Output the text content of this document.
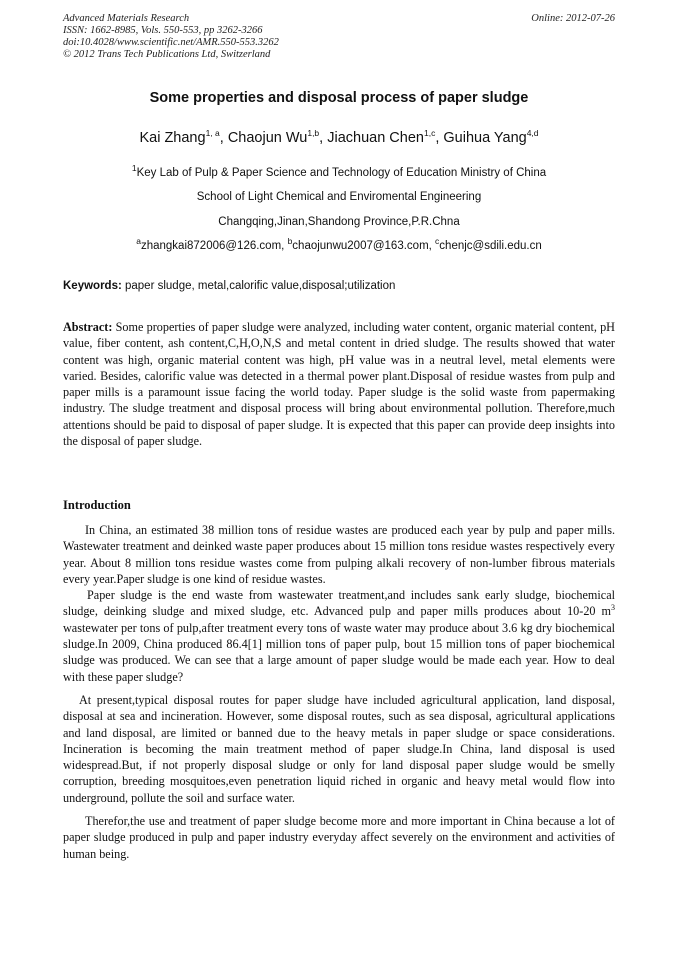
Advanced Materials Research
ISSN: 1662-8985, Vols. 550-553, pp 3262-3266
doi:10.4028/www.scientific.net/AMR.550-553.3262
© 2012 Trans Tech Publications Ltd, Switzerland
Online: 2012-07-26
Some properties and disposal process of paper sludge
Kai Zhang$^{1, a}$, Chaojun Wu$^{1,b}$, Jiachuan Chen$^{1,c}$, Guihua Yang$^{4,d}$
$^1$Key Lab of Pulp & Paper Science and Technology of Education Ministry of China
School of Light Chemical and Enviromental Engineering
Changqing,Jinan,Shandong Province,P.R.Chna
$^a$zhangkai872006@126.com, $^b$chaojunwu2007@163.com, $^c$chenjc@sdili.edu.cn
Keywords: paper sludge, metal,calorific value,disposal;utilization

Abstract: Some properties of paper sludge were analyzed, including water content, organic material content, pH value, fiber content, ash content,C,H,O,N,S and metal content in dried sludge. The results showed that water content was high, organic material content was high, pH value was in a neutral level, metal elements were varied. Besides, calorific value was detected in a thermal power plant.Disposal of residue wastes from pulp and paper mills is a paramount issue facing the world today. Paper sludge is the solid waste from papermaking industry. The sludge treatment and disposal process will bring about environmental pollution. Therefore,much attentions should be paid to disposal of paper sludge. It is expected that this paper can provide deep insights into the disposal of paper sludge.

Introduction

In China, an estimated 38 million tons of residue wastes are produced each year by pulp and paper mills. Wastewater treatment and deinked waste paper produces about 15 million tons residue wastes respectively every year. About 8 million tons residue wastes come from pulping alkali recovery of non-lumber fibrous materials every year.Paper sludge is one kind of residue wastes.

Paper sludge is the end waste from wastewater treatment,and includes sank early sludge, biochemical sludge, deinking sludge and mixed sludge, etc. Advanced pulp and paper mills produces about 10-20 $m^3$ wastewater per tons of pulp,after treatment every tons of waste water may produce about 3.6 kg dry biochemical sludge.In 2009, China produced 86.4[1] million tons of paper pulp, bout 15 million tons of paper biochemical sludge was produced. We can see that a large amount of paper sludge would be made each year. How to deal with these paper sludge?

At present,typical disposal routes for paper sludge have included agricultural application, land disposal, disposal at sea and incineration. However, some disposal routes, such as sea disposal, agricultural applications and land disposal, are limited or banned due to the heavy metals in paper sludge or space considerations. Incineration is becoming the main treatment method of paper sludge.In China, land disposal is used widespread.But, if not properly disposal sludge or only for land disposal paper sludge would be smelly corruption, breeding mosquitoes,even penetration liquid riched in organic and heavy metal would flow into underground, pollute the soil and surface water.

Therefor,the use and treatment of paper sludge become more and more important in China because a lot of paper sludge produced in pulp and paper industry everyday affect severely on the environment and activities of human being.
